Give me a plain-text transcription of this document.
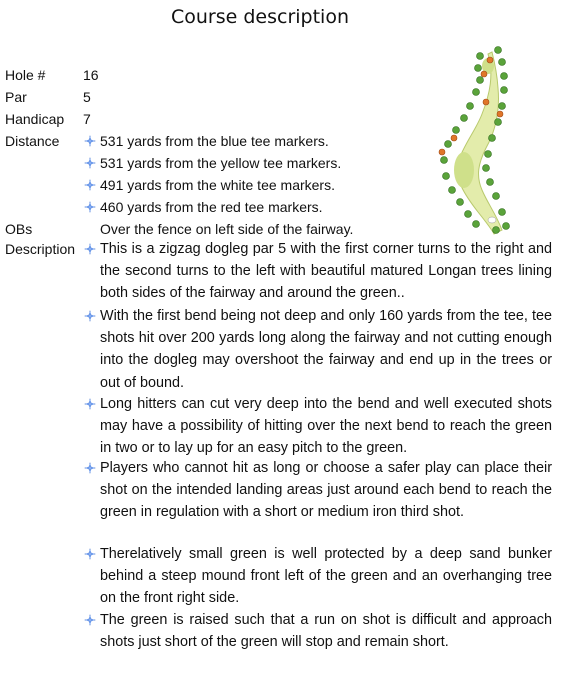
Course description
Hole #	16
Par	5
Handicap 7
Distance	531 yards from the blue tee markers.
531 yards from the yellow tee markers.
491 yards from the white tee markers.
460 yards from the red tee markers.
OBs	Over the fence on left side of the fairway.
Description This is a zigzag dogleg par 5 with the first corner turns to the right and the second turns to the left with beautiful matured Longan trees lining both sides of the fairway and around the green..
With the first bend being not deep and only 160 yards from the tee, tee shots hit over 200 yards long along the fairway and not cutting enough into the dogleg may overshoot the fairway and end up in the trees or out of bound.
Long hitters can cut very deep into the bend and well executed shots may have a possibility of hitting over the next bend to reach the green in two or to lay up for an easy pitch to the green.
Players who cannot hit as long or choose a safer play can place their shot on the intended landing areas just around each bend to reach the green in regulation with a short or medium iron third shot.
Therelatively small green is well protected by a deep sand bunker behind a steep mound front left of the green and an overhanging tree on the front right side.
The green is raised such that a run on shot is difficult and approach shots just short of the green will stop and remain short.
